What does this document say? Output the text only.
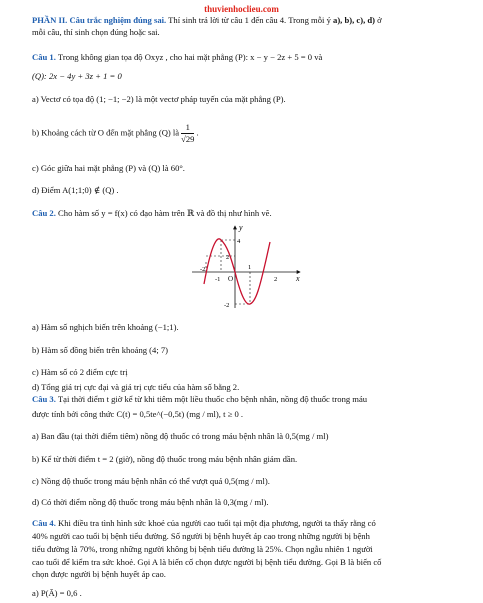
thuvienhoclieu.com
PHẦN II. Câu trắc nghiệm đúng sai. Thí sinh trả lời từ câu 1 đến câu 4. Trong mỗi ý a), b), c), d) ở
mỗi câu, thí sinh chọn đúng hoặc sai.
Câu 1. Trong không gian tọa độ Oxyz , cho hai mặt phẳng (P): x − y − 2z + 5 = 0 và
(Q): 2x − 4y + 3z + 1 = 0
a) Vectơ có tọa độ (1; −1; −2) là một vectơ pháp tuyến của mặt phẳng (P).
b) Khoảng cách từ O đến mặt phẳng (Q) là $\frac{1}{√29}$ .
c) Góc giữa hai mặt phẳng (P) và (Q) là 60°.
d) Điểm A(1;1;0) ∉ (Q) .
Câu 2. Cho hàm số y = f(x) có đạo hàm trên ℝ và đồ thị như hình vẽ.
y
x
O
4
2
-2
-1
-2
1
2
a) Hàm số nghịch biến trên khoảng (−1;1).
b) Hàm số đồng biến trên khoảng (4; 7)
c) Hàm số có 2 điểm cực trị
d) Tổng giá trị cực đại và giá trị cực tiểu của hàm số bằng 2.
Câu 3. Tại thời điểm t giờ kể từ khi tiêm một liều thuốc cho bệnh nhân, nồng độ thuốc trong máu
được tính bởi công thức C(t) = 0,5te^(−0,5t) (mg / ml), t ≥ 0 .
a) Ban đầu (tại thời điểm tiêm) nồng độ thuốc có trong máu bệnh nhân là 0,5(mg / ml)
b) Kể từ thời điểm t = 2 (giờ), nồng độ thuốc trong máu bệnh nhân giảm dần.
c) Nồng độ thuốc trong máu bệnh nhân có thể vượt quá 0,5(mg / ml).
d) Có thời điểm nồng độ thuốc trong máu bệnh nhân là 0,3(mg / ml).
Câu 4. Khi điều tra tình hình sức khoẻ của người cao tuổi tại một địa phương, người ta thấy rằng có
40% người cao tuổi bị bệnh tiểu đường. Số người bị bệnh huyết áp cao trong những người bị bệnh
tiểu đường là 70%, trong những người không bị bệnh tiểu đường là 25%. Chọn ngẫu nhiên 1 người
cao tuổi để kiểm tra sức khoẻ. Gọi A là biến cố chọn được người bị bệnh tiểu đường. Gọi B là biến cố
chọn được người bị bệnh huyết áp cao.
a) P(Ā) = 0,6 .
